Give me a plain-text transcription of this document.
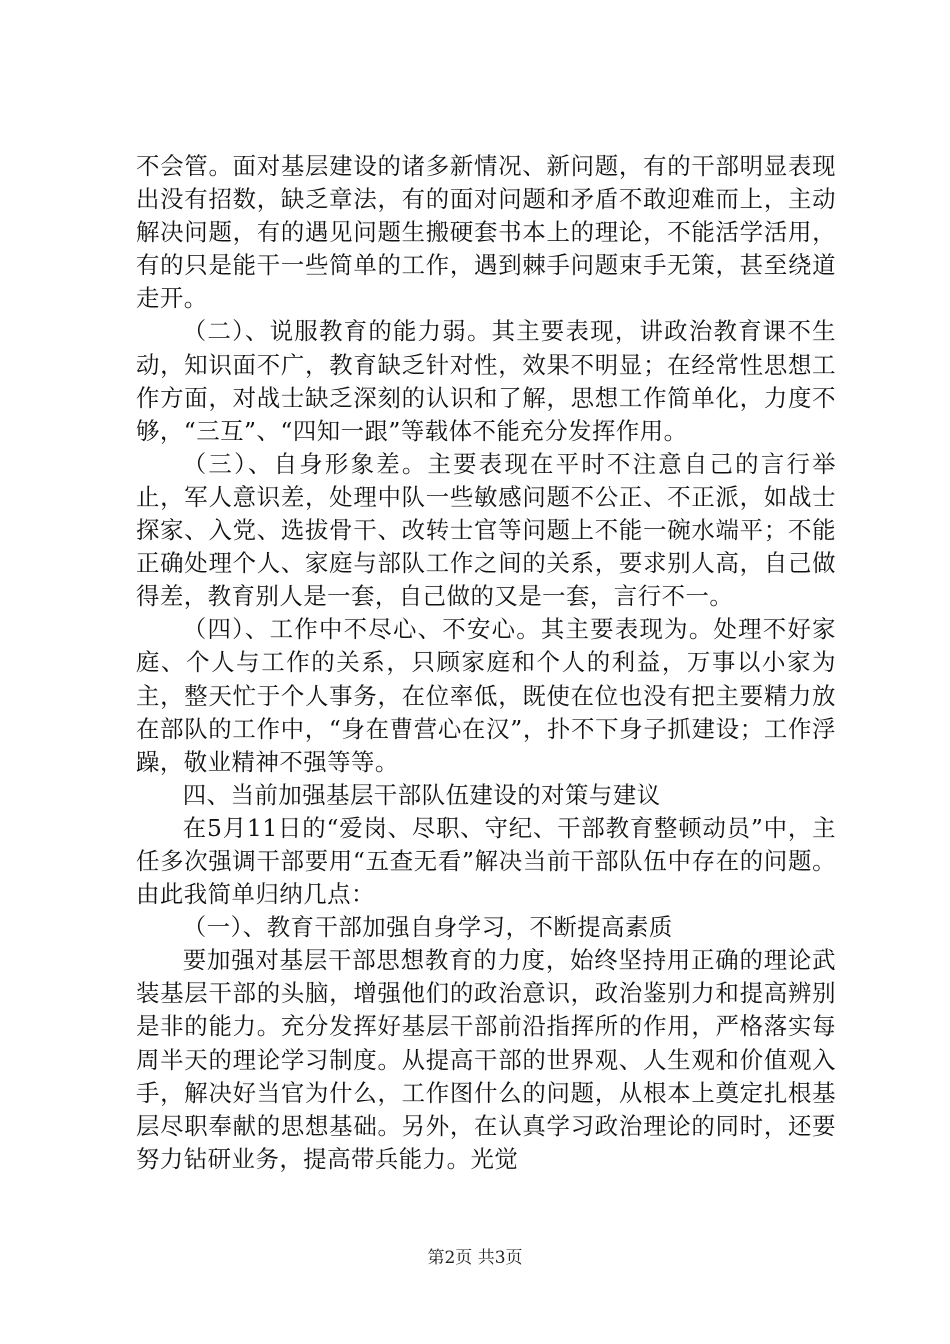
不会管。面对基层建设的诸多新情况、新问题，有的干部明显表现出没有招数，缺乏章法，有的面对问题和矛盾不敢迎难而上，主动解决问题，有的遇见问题生搬硬套书本上的理论，不能活学活用，有的只是能干一些简单的工作，遇到棘手问题束手无策，甚至绕道走开。

（二）、说服教育的能力弱。其主要表现，讲政治教育课不生动，知识面不广，教育缺乏针对性，效果不明显；在经常性思想工作方面，对战士缺乏深刻的认识和了解，思想工作简单化，力度不够，“三互”、“四知一跟”等载体不能充分发挥作用。

（三）、自身形象差。主要表现在平时不注意自己的言行举止，军人意识差，处理中队一些敏感问题不公正、不正派，如战士探家、入党、选拔骨干、改转士官等问题上不能一碗水端平；不能正确处理个人、家庭与部队工作之间的关系，要求别人高，自己做得差，教育别人是一套，自己做的又是一套，言行不一。

（四）、工作中不尽心、不安心。其主要表现为。处理不好家庭、个人与工作的关系，只顾家庭和个人的利益，万事以小家为主，整天忙于个人事务，在位率低，既使在位也没有把主要精力放在部队的工作中，“身在曹营心在汉”，扑不下身子抓建设；工作浮躁，敬业精神不强等等。

四、当前加强基层干部队伍建设的对策与建议

在5月11日的“爱岗、尽职、守纪、干部教育整顿动员”中，主任多次强调干部要用“五查无看”解决当前干部队伍中存在的问题。由此我简单归纳几点：

（一）、教育干部加强自身学习，不断提高素质

要加强对基层干部思想教育的力度，始终坚持用正确的理论武装基层干部的头脑，增强他们的政治意识，政治鉴别力和提高辨别是非的能力。充分发挥好基层干部前沿指挥所的作用，严格落实每周半天的理论学习制度。从提高干部的世界观、人生观和价值观入手，解决好当官为什么，工作图什么的问题，从根本上奠定扎根基层尽职奉献的思想基础。另外，在认真学习政治理论的同时，还要努力钻研业务，提高带兵能力。光觉

第2页 共3页
